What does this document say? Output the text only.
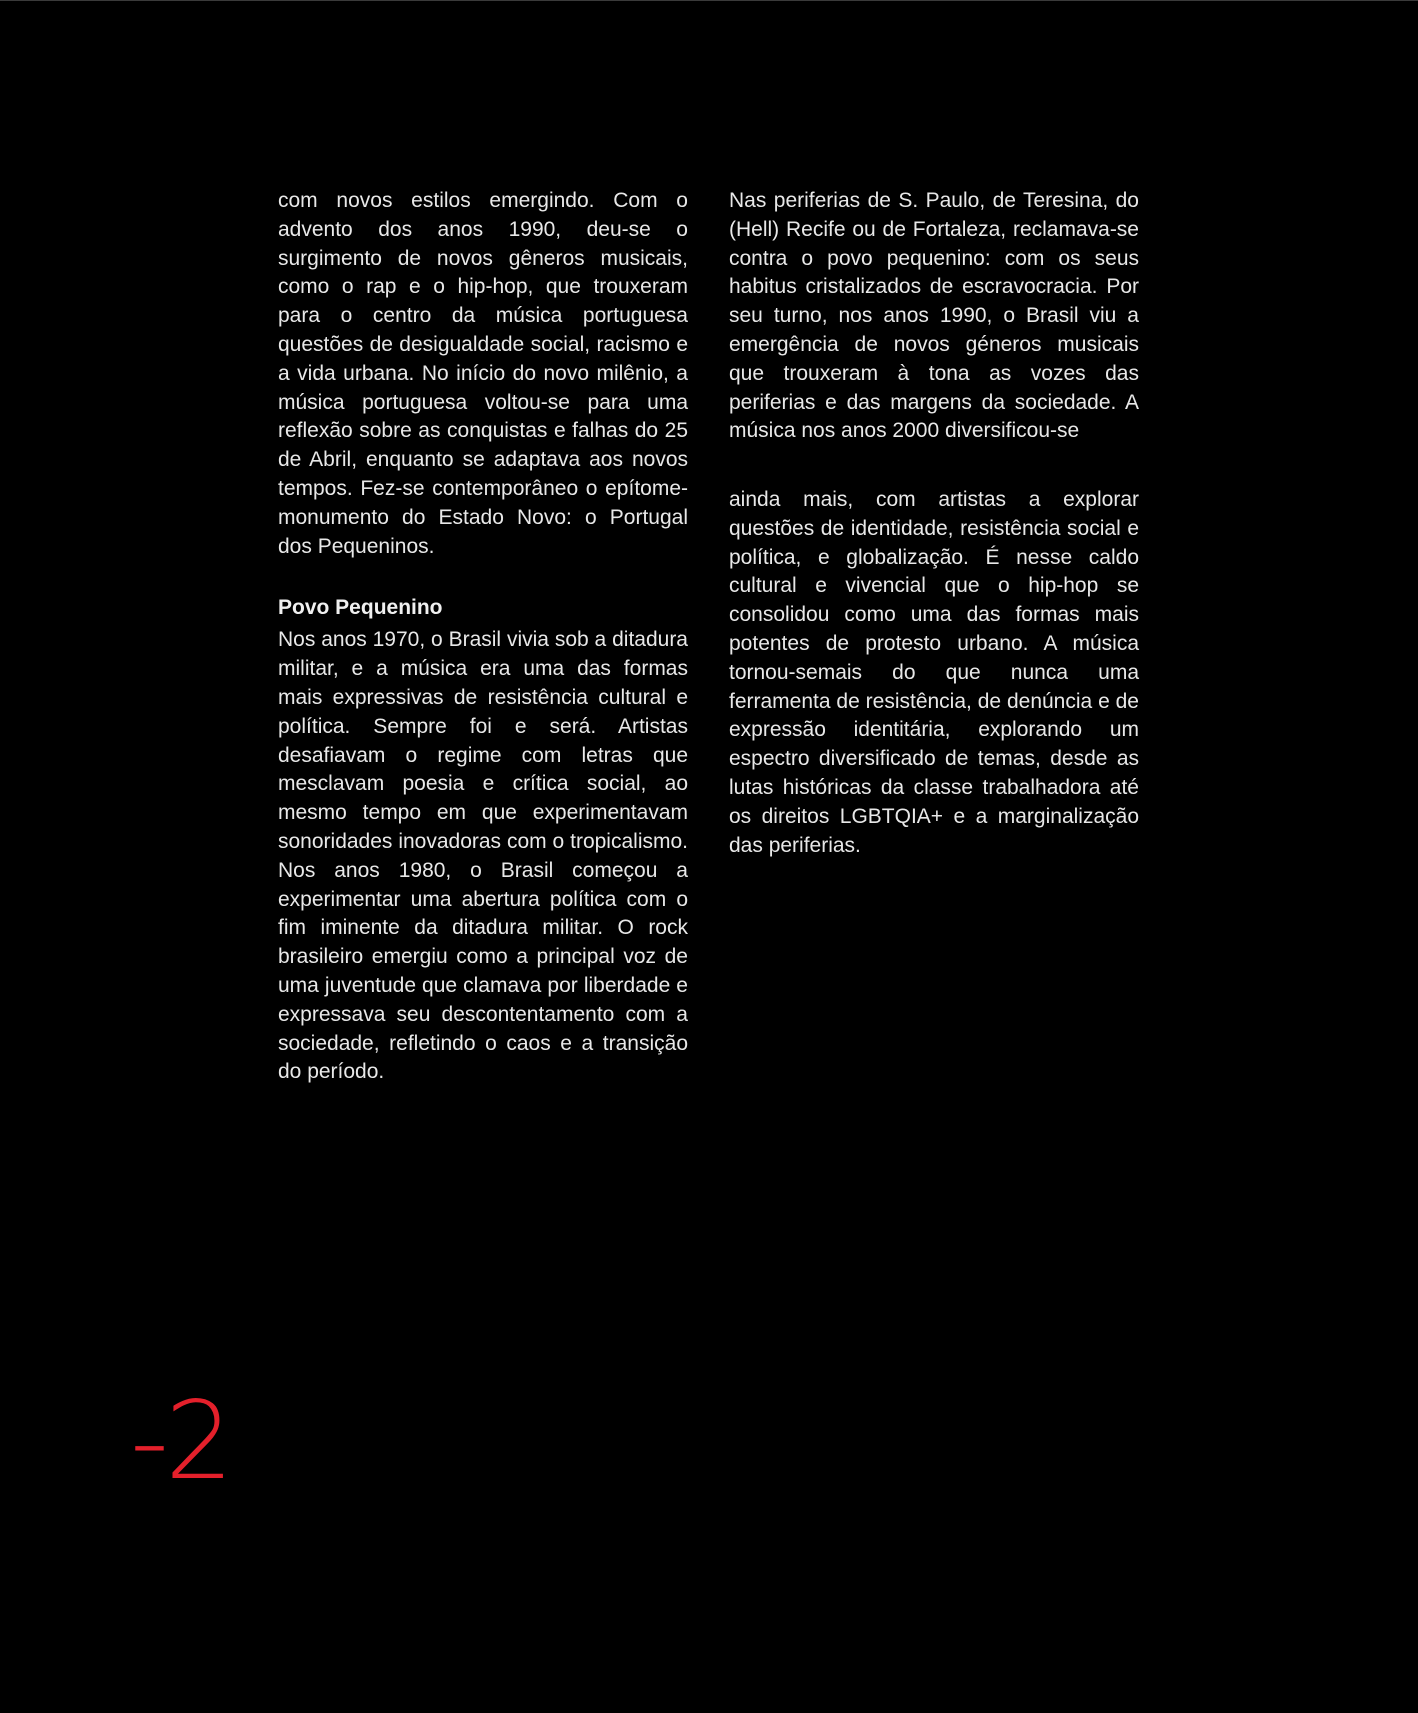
com novos estilos emergindo. Com o advento dos anos 1990, deu-se o surgimento de novos gêneros musicais, como o rap e o hip-hop, que trouxeram para o centro da música portuguesa questões de desigualdade social, racismo e a vida urbana. No início do novo milênio, a música portuguesa voltou-se para uma reflexão sobre as conquistas e falhas do 25 de Abril, enquanto se adaptava aos novos tempos. Fez-se contemporâneo o epítome-monumento do Estado Novo: o Portugal dos Pequeninos.

Povo Pequenino

Nos anos 1970, o Brasil vivia sob a ditadura militar, e a música era uma das formas mais expressivas de resistência cultural e política. Sempre foi e será. Artistas desafiavam o regime com letras que mesclavam poesia e crítica social, ao mesmo tempo em que experimentavam sonoridades inovadoras com o tropicalismo. Nos anos 1980, o Brasil começou a experimentar uma abertura política com o fim iminente da ditadura militar. O rock brasileiro emergiu como a principal voz de uma juventude que clamava por liberdade e expressava seu descontentamento com a sociedade, refletindo o caos e a transição do período.

Nas periferias de S. Paulo, de Teresina, do (Hell) Recife ou de Fortaleza, reclamava-se contra o povo pequenino: com os seus habitus cristalizados de escravocracia. Por seu turno, nos anos 1990, o Brasil viu a emergência de novos géneros musicais que trouxeram à tona as vozes das periferias e das margens da sociedade. A música nos anos 2000 diversificou-se

ainda mais, com artistas a explorar questões de identidade, resistência social e política, e globalização. É nesse caldo cultural e vivencial que o hip-hop se consolidou como uma das formas mais potentes de protesto urbano. A música tornou-semais do que nunca uma ferramenta de resistência, de denúncia e de expressão identitária, explorando um espectro diversificado de temas, desde as lutas históricas da classe trabalhadora até os direitos LGBTQIA+ e a marginalização das periferias.

-2
